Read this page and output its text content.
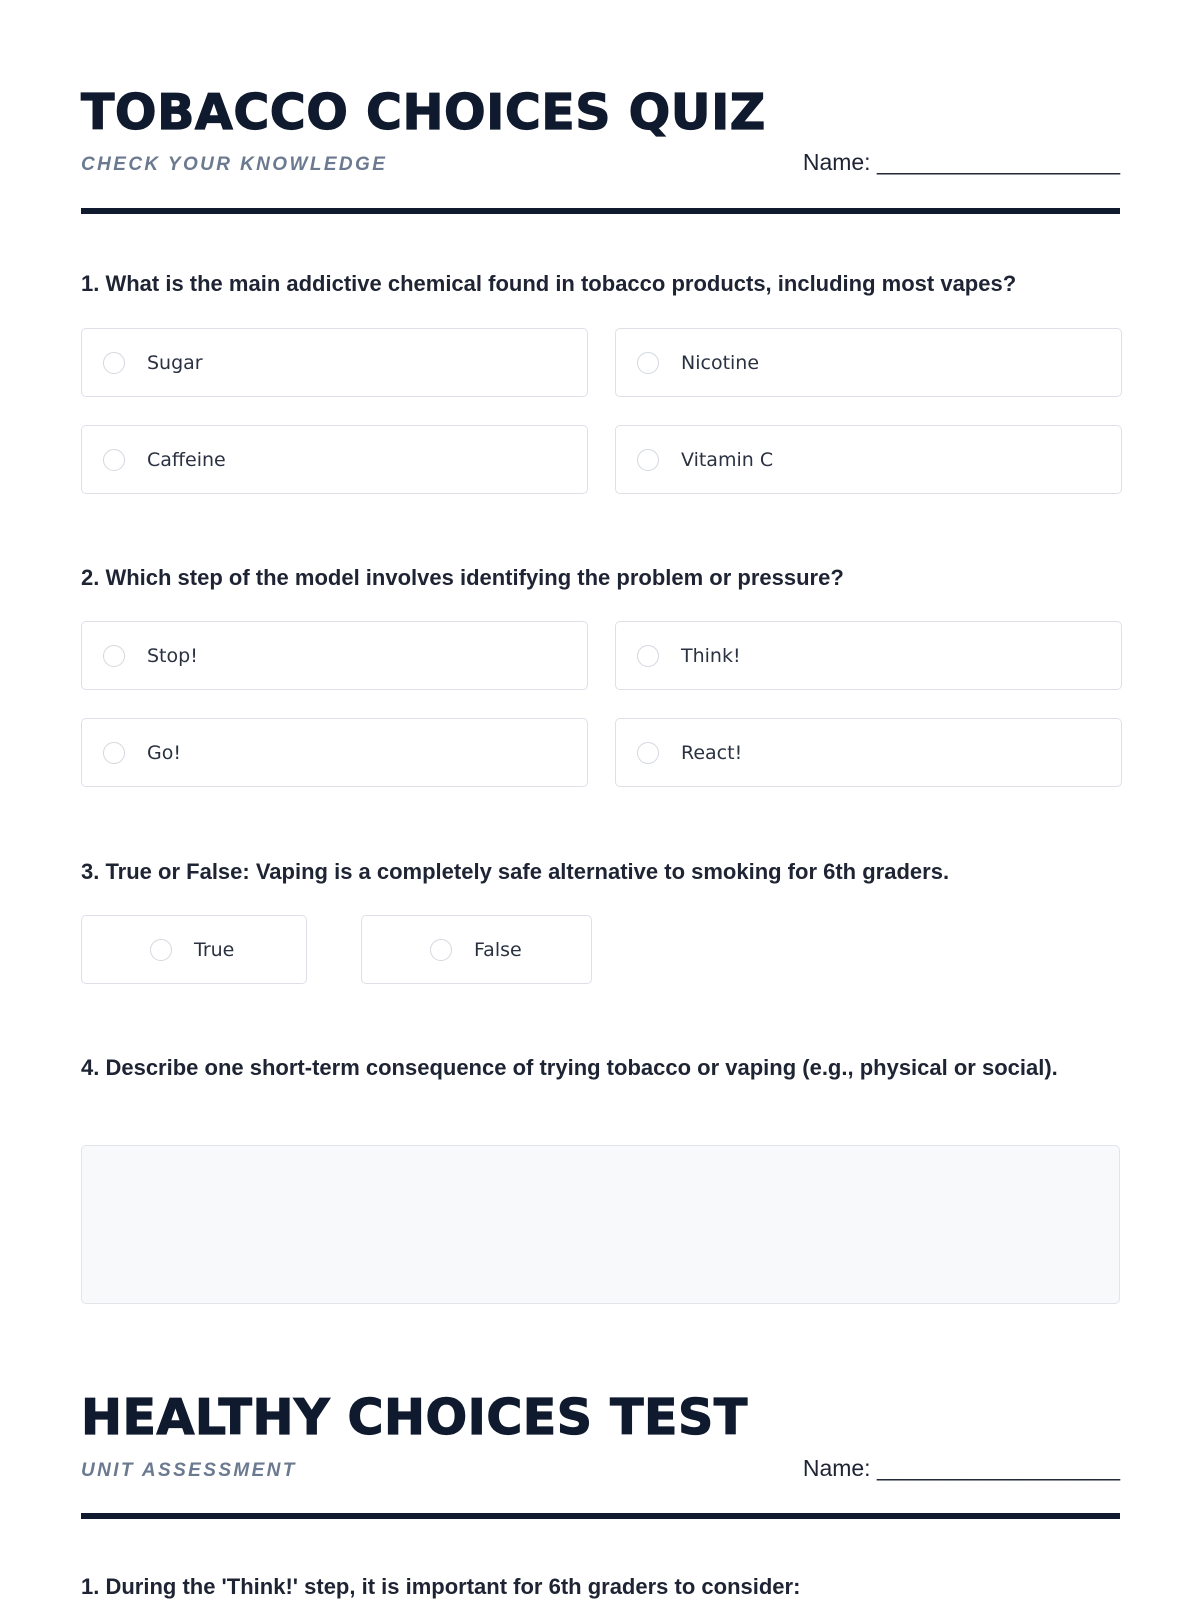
TOBACCO CHOICES QUIZ
CHECK YOUR KNOWLEDGE	Name: ___________________

1. What is the main addictive chemical found in tobacco products, including most vapes?

Sugar	Nicotine
Caffeine	Vitamin C

2. Which step of the model involves identifying the problem or pressure?

Stop!	Think!
Go!	React!

3. True or False: Vaping is a completely safe alternative to smoking for 6th graders.

True	False

4. Describe one short-term consequence of trying tobacco or vaping (e.g., physical or social).

HEALTHY CHOICES TEST
UNIT ASSESSMENT	Name: ___________________

1. During the 'Think!' step, it is important for 6th graders to consider:
